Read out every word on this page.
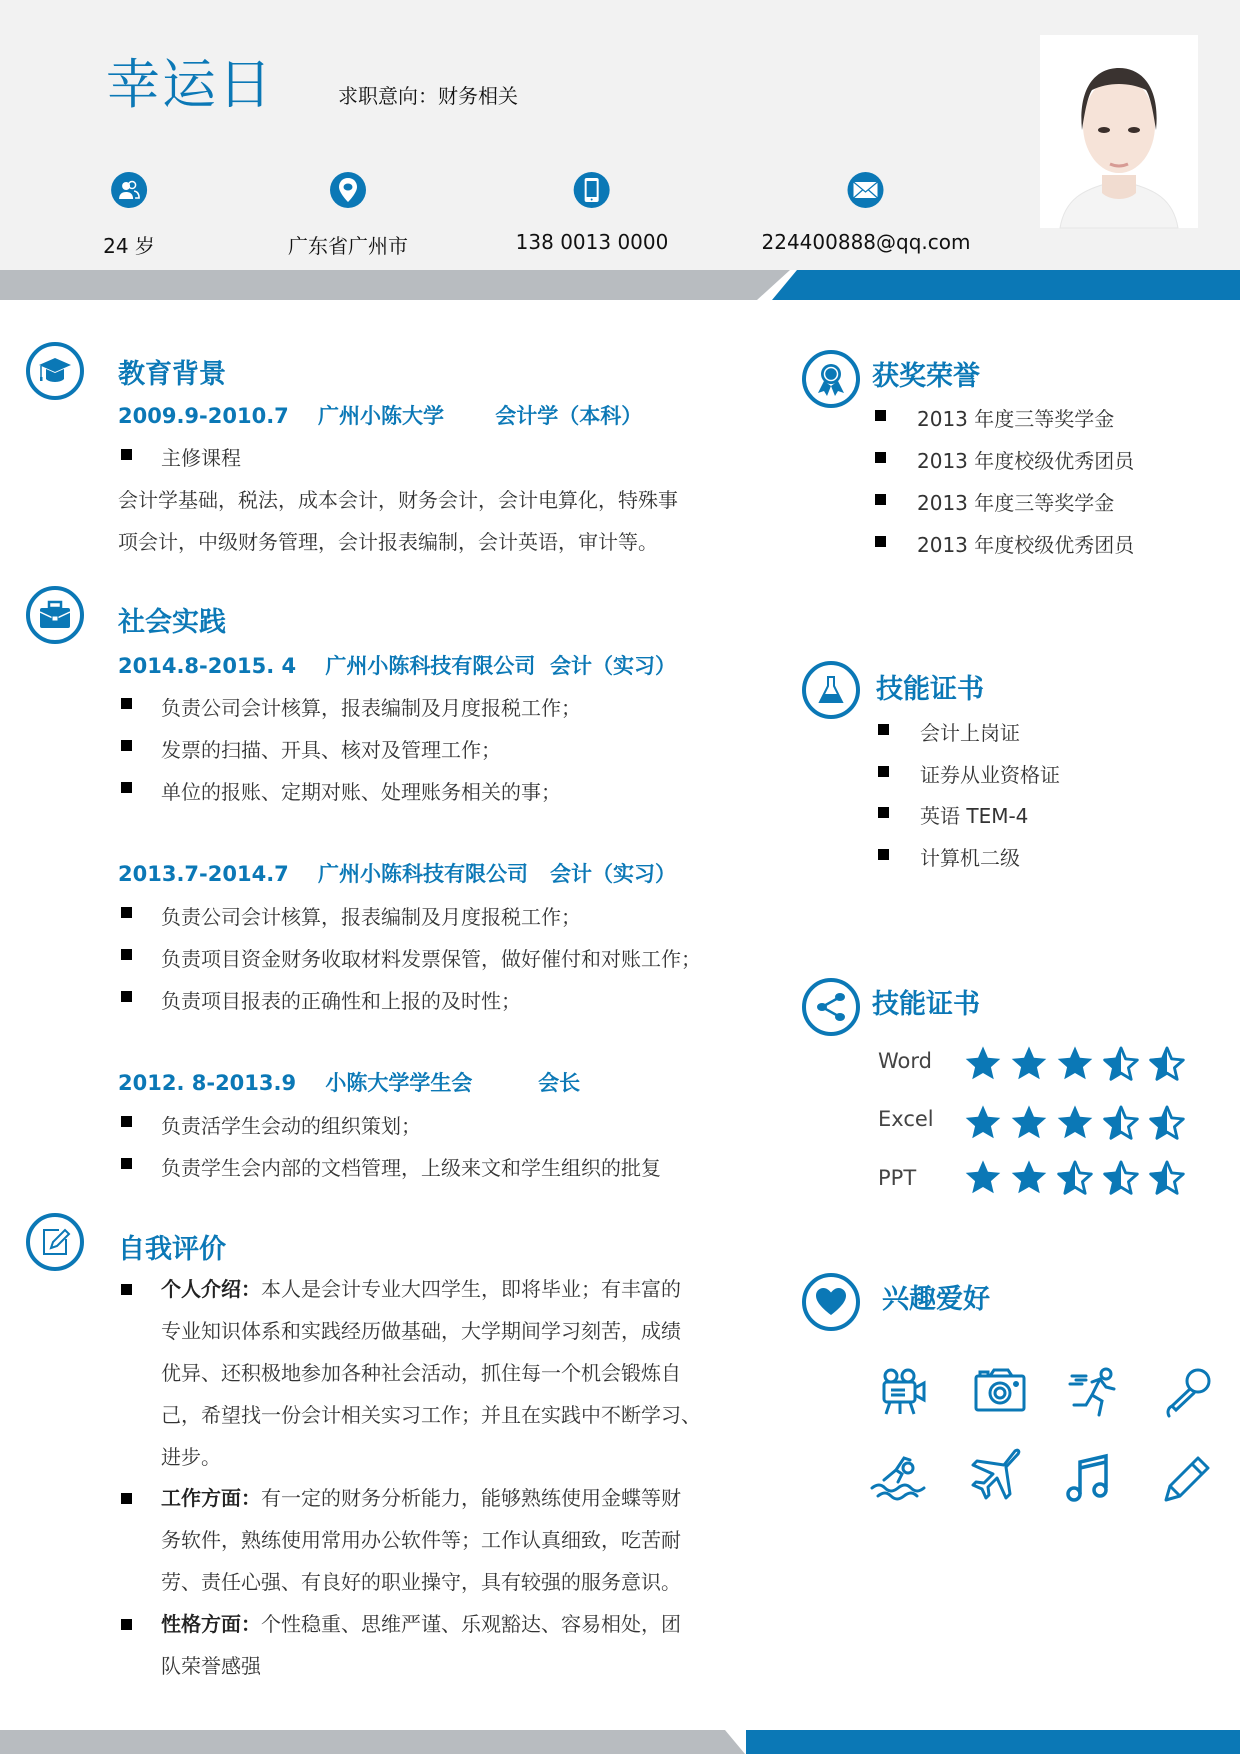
幸运日	求职意向：财务相关
24 岁	广东省广州市	138 0013 0000	224400888@qq.com
教育背景
2009.9-2010.7 广州小陈大学 会计学（本科）
主修课程
会计学基础，税法，成本会计，财务会计，会计电算化，特殊事
项会计，中级财务管理，会计报表编制，会计英语，审计等。
社会实践
2014.8-2015. 4    广州小陈科技有限公司  会计（实习）
负责公司会计核算，报表编制及月度报税工作；
发票的扫描、开具、核对及管理工作；
单位的报账、定期对账、处理账务相关的事；
2013.7-2014.7    广州小陈科技有限公司   会计（实习）
负责公司会计核算，报表编制及月度报税工作；
负责项目资金财务收取材料发票保管，做好催付和对账工作；
负责项目报表的正确性和上报的及时性；
2012. 8-2013.9    小陈大学学生会         会长
负责活学生会动的组织策划；
负责学生会内部的文档管理，上级来文和学生组织的批复
自我评价
个人介绍：本人是会计专业大四学生，即将毕业；有丰富的
专业知识体系和实践经历做基础，大学期间学习刻苦，成绩
优异、还积极地参加各种社会活动，抓住每一个机会锻炼自
己，希望找一份会计相关实习工作；并且在实践中不断学习、
进步。
工作方面：有一定的财务分析能力，能够熟练使用金蝶等财
务软件，熟练使用常用办公软件等；工作认真细致，吃苦耐
劳、责任心强、有良好的职业操守，具有较强的服务意识。
性格方面：个性稳重、思维严谨、乐观豁达、容易相处，团
队荣誉感强
获奖荣誉
2013 年度三等奖学金
2013 年度校级优秀团员
2013 年度三等奖学金
2013 年度校级优秀团员
技能证书
会计上岗证
证券从业资格证
英语 TEM-4
计算机二级
技能证书
Word
Excel
PPT
兴趣爱好
